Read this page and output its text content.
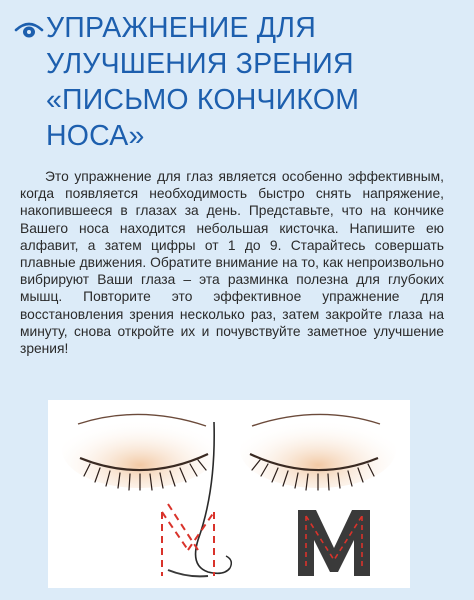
УПРАЖНЕНИЕ ДЛЯ
УЛУЧШЕНИЯ ЗРЕНИЯ
«ПИСЬМО КОНЧИКОМ
НОСА»

Это упражнение для глаз является особенно эффективным, когда появляется необходимость быстро снять напряжение, накопившееся в глазах за день. Представьте, что на кончике Вашего носа находится небольшая кисточка. Напишите ею алфавит, а затем цифры от 1 до 9. Старайтесь совершать плавные движения. Обратите внимание на то, как непроизвольно вибрируют Ваши глаза – эта разминка полезна для глубоких мышц. Повторите это эффективное упражнение для восстановления зрения несколько раз, затем закройте глаза на минуту, снова откройте их и почувствуйте заметное улучшение зрения!
